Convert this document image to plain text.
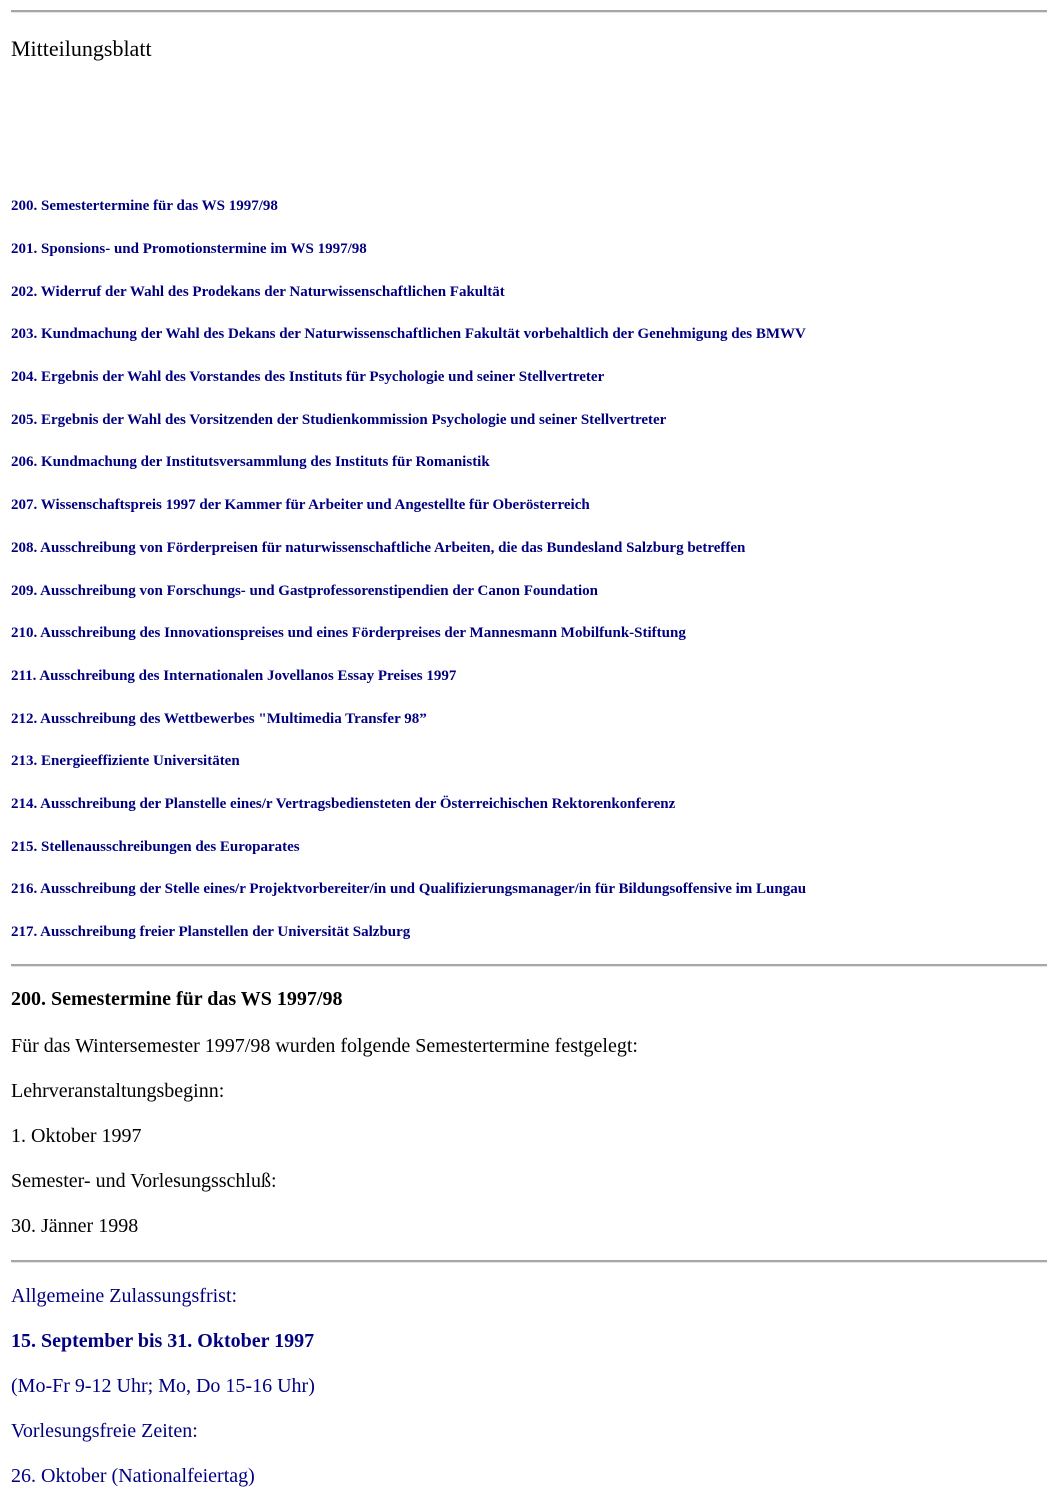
Mitteilungsblatt
200. Semestertermine für das WS 1997/98
201. Sponsions- und Promotionstermine im WS 1997/98
202. Widerruf der Wahl des Prodekans der Naturwissenschaftlichen Fakultät
203. Kundmachung der Wahl des Dekans der Naturwissenschaftlichen Fakultät vorbehaltlich der Genehmigung des BMWV
204. Ergebnis der Wahl des Vorstandes des Instituts für Psychologie und seiner Stellvertreter
205. Ergebnis der Wahl des Vorsitzenden der Studienkommission Psychologie und seiner Stellvertreter
206. Kundmachung der Institutsversammlung des Instituts für Romanistik
207. Wissenschaftspreis 1997 der Kammer für Arbeiter und Angestellte für Oberösterreich
208. Ausschreibung von Förderpreisen für naturwissenschaftliche Arbeiten, die das Bundesland Salzburg betreffen
209. Ausschreibung von Forschungs- und Gastprofessorenstipendien der Canon Foundation
210. Ausschreibung des Innovationspreises und eines Förderpreises der Mannesmann Mobilfunk-Stiftung
211. Ausschreibung des Internationalen Jovellanos Essay Preises 1997
212. Ausschreibung des Wettbewerbes "Multimedia Transfer 98”
213. Energieeffiziente Universitäten
214. Ausschreibung der Planstelle eines/r Vertragsbediensteten der Österreichischen Rektorenkonferenz
215. Stellenausschreibungen des Europarates
216. Ausschreibung der Stelle eines/r Projektvorbereiter/in und Qualifizierungsmanager/in für Bildungsoffensive im Lungau
217. Ausschreibung freier Planstellen der Universität Salzburg
200. Semestermine für das WS 1997/98
Für das Wintersemester 1997/98 wurden folgende Semestertermine festgelegt:
Lehrveranstaltungsbeginn:
1. Oktober 1997
Semester- und Vorlesungsschluß:
30. Jänner 1998
Allgemeine Zulassungsfrist:
15. September bis 31. Oktober 1997
(Mo-Fr 9-12 Uhr; Mo, Do 15-16 Uhr)
Vorlesungsfreie Zeiten:
26. Oktober (Nationalfeiertag)
